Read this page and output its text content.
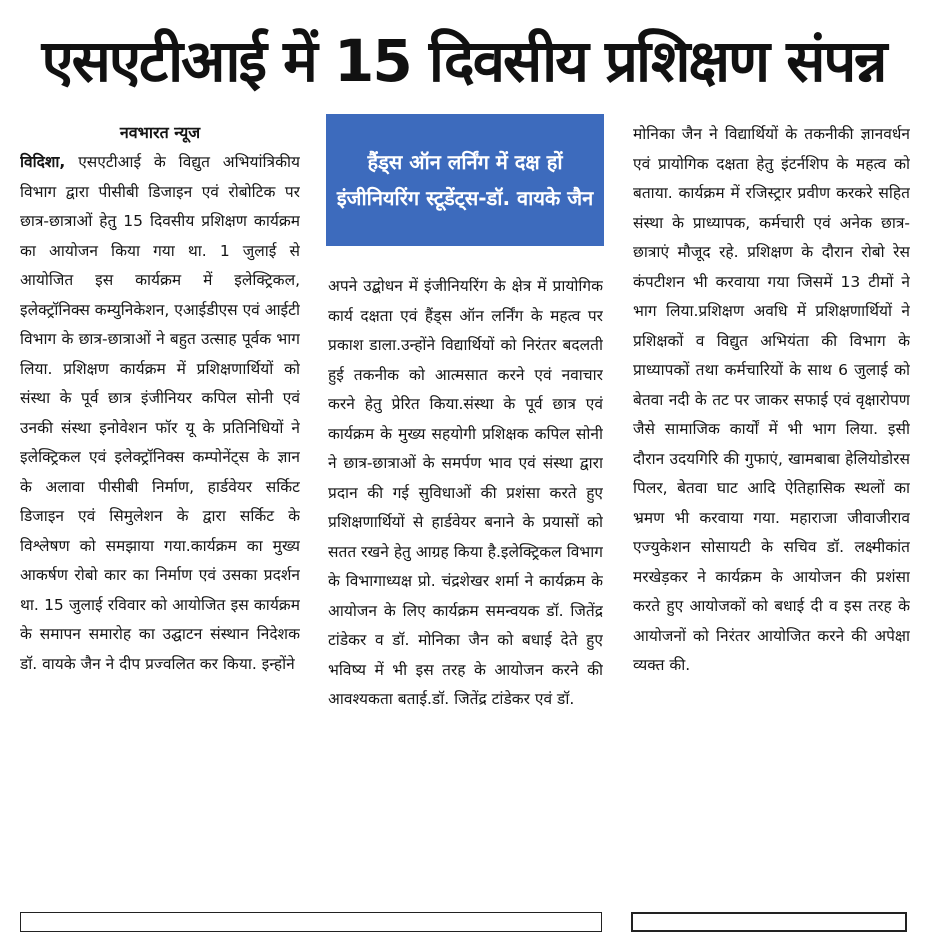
एसएटीआई में 15 दिवसीय प्रशिक्षण संपन्न
नवभारत न्यूज

विदिशा, एसएटीआई के विद्युत अभियांत्रिकीय विभाग द्वारा पीसीबी डिजाइन एवं रोबोटिक पर छात्र-छात्राओं हेतु 15 दिवसीय प्रशिक्षण कार्यक्रम का आयोजन किया गया था. 1 जुलाई से आयोजित इस कार्यक्रम में इलेक्ट्रिकल, इलेक्ट्रॉनिक्स कम्युनिकेशन, एआईडीएस एवं आईटी विभाग के छात्र-छात्राओं ने बहुत उत्साह पूर्वक भाग लिया. प्रशिक्षण कार्यक्रम में प्रशिक्षणार्थियों को संस्था के पूर्व छात्र इंजीनियर कपिल सोनी एवं उनकी संस्था इनोवेशन फॉर यू के प्रतिनिधियों ने इलेक्ट्रिकल एवं इलेक्ट्रॉनिक्स कम्पोनेंट्स के ज्ञान के अलावा पीसीबी निर्माण, हार्डवेयर सर्किट डिजाइन एवं सिमुलेशन के द्वारा सर्किट के विश्लेषण को समझाया गया.कार्यक्रम का मुख्य आकर्षण रोबो कार का निर्माण एवं उसका प्रदर्शन था. 15 जुलाई रविवार को आयोजित इस कार्यक्रम के समापन समारोह का उद्घाटन संस्थान निदेशक डॉ. वायके जैन ने दीप प्रज्वलित कर किया. इन्होंने

हैंड्स ऑन लर्निंग में दक्ष हों इंजीनियरिंग स्टूडेंट्स-डॉ. वायके जैन

अपने उद्बोधन में इंजीनियरिंग के क्षेत्र में प्रायोगिक कार्य दक्षता एवं हैंड्स ऑन लर्निंग के महत्व पर प्रकाश डाला.उन्होंने विद्यार्थियों को निरंतर बदलती हुई तकनीक को आत्मसात करने एवं नवाचार करने हेतु प्रेरित किया.संस्था के पूर्व छात्र एवं कार्यक्रम के मुख्य सहयोगी प्रशिक्षक कपिल सोनी ने छात्र-छात्राओं के समर्पण भाव एवं संस्था द्वारा प्रदान की गई सुविधाओं की प्रशंसा करते हुए प्रशिक्षणार्थियों से हार्डवेयर बनाने के प्रयासों को सतत रखने हेतु आग्रह किया है.इलेक्ट्रिकल विभाग के विभागाध्यक्ष प्रो. चंद्रशेखर शर्मा ने कार्यक्रम के आयोजन के लिए कार्यक्रम समन्वयक डॉ. जितेंद्र टांडेकर व डॉ. मोनिका जैन को बधाई देते हुए भविष्य में भी इस तरह के आयोजन करने की आवश्यकता बताई.डॉ. जितेंद्र टांडेकर एवं डॉ.

मोनिका जैन ने विद्यार्थियों के तकनीकी ज्ञानवर्धन एवं प्रायोगिक दक्षता हेतु इंटर्नशिप के महत्व को बताया. कार्यक्रम में रजिस्ट्रार प्रवीण करकरे सहित संस्था के प्राध्यापक, कर्मचारी एवं अनेक छात्र-छात्राएं मौजूद रहे. प्रशिक्षण के दौरान रोबो रेस कंपटीशन भी करवाया गया जिसमें 13 टीमों ने भाग लिया.प्रशिक्षण अवधि में प्रशिक्षणार्थियों ने प्रशिक्षकों व विद्युत अभियंता की विभाग के प्राध्यापकों तथा कर्मचारियों के साथ 6 जुलाई को बेतवा नदी के तट पर जाकर सफाई एवं वृक्षारोपण जैसे सामाजिक कार्यों में भी भाग लिया. इसी दौरान उदयगिरि की गुफाएं, खामबाबा हेलियोडोरस पिलर, बेतवा घाट आदि ऐतिहासिक स्थलों का भ्रमण भी करवाया गया. महाराजा जीवाजीराव एज्युकेशन सोसायटी के सचिव डॉ. लक्ष्मीकांत मरखेड़कर ने कार्यक्रम के आयोजन की प्रशंसा करते हुए आयोजकों को बधाई दी व इस तरह के आयोजनों को निरंतर आयोजित करने की अपेक्षा व्यक्त की.
